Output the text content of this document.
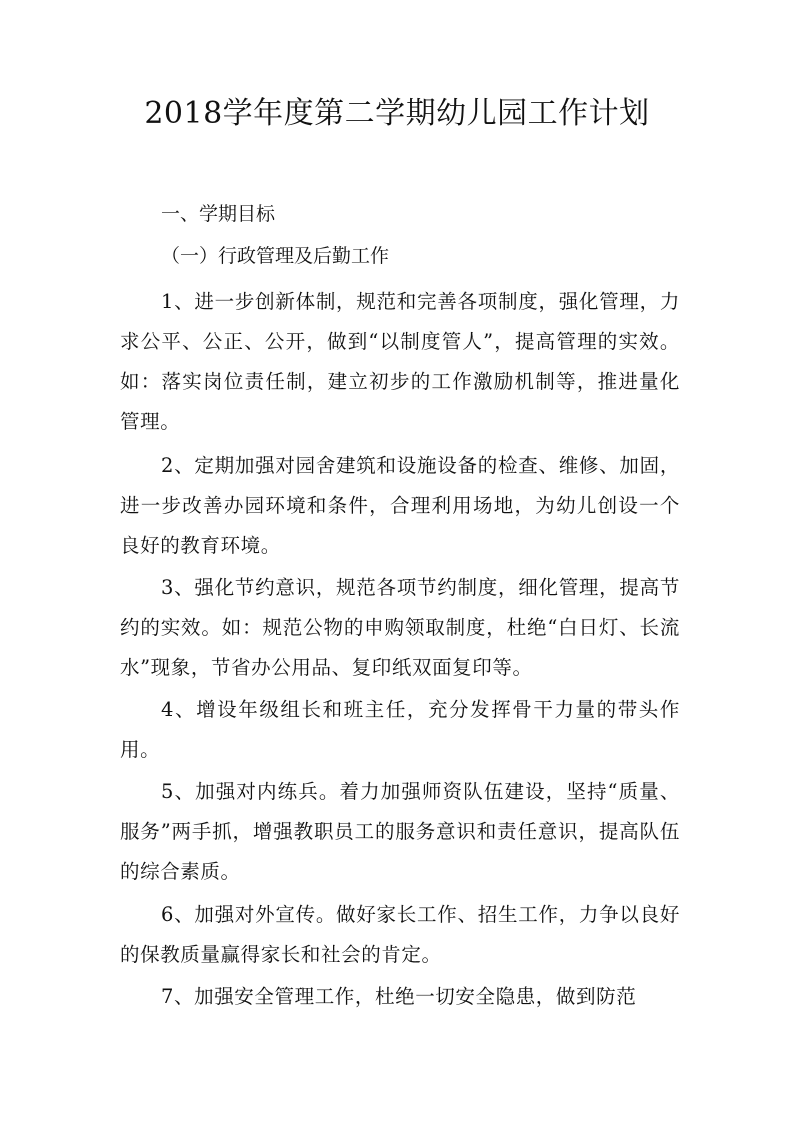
2018学年度第二学期幼儿园工作计划
一、学期目标
（一）行政管理及后勤工作

1、进一步创新体制，规范和完善各项制度，强化管理，力求公平、公正、公开，做到“以制度管人”，提高管理的实效。如：落实岗位责任制，建立初步的工作激励机制等，推进量化管理。

2、定期加强对园舍建筑和设施设备的检查、维修、加固，进一步改善办园环境和条件，合理利用场地，为幼儿创设一个良好的教育环境。

3、强化节约意识，规范各项节约制度，细化管理，提高节约的实效。如：规范公物的申购领取制度，杜绝“白日灯、长流水”现象，节省办公用品、复印纸双面复印等。

4、增设年级组长和班主任，充分发挥骨干力量的带头作用。

5、加强对内练兵。着力加强师资队伍建设，坚持“质量、服务”两手抓，增强教职员工的服务意识和责任意识，提高队伍的综合素质。

6、加强对外宣传。做好家长工作、招生工作，力争以良好的保教质量赢得家长和社会的肯定。

7、加强安全管理工作，杜绝一切安全隐患，做到防范
